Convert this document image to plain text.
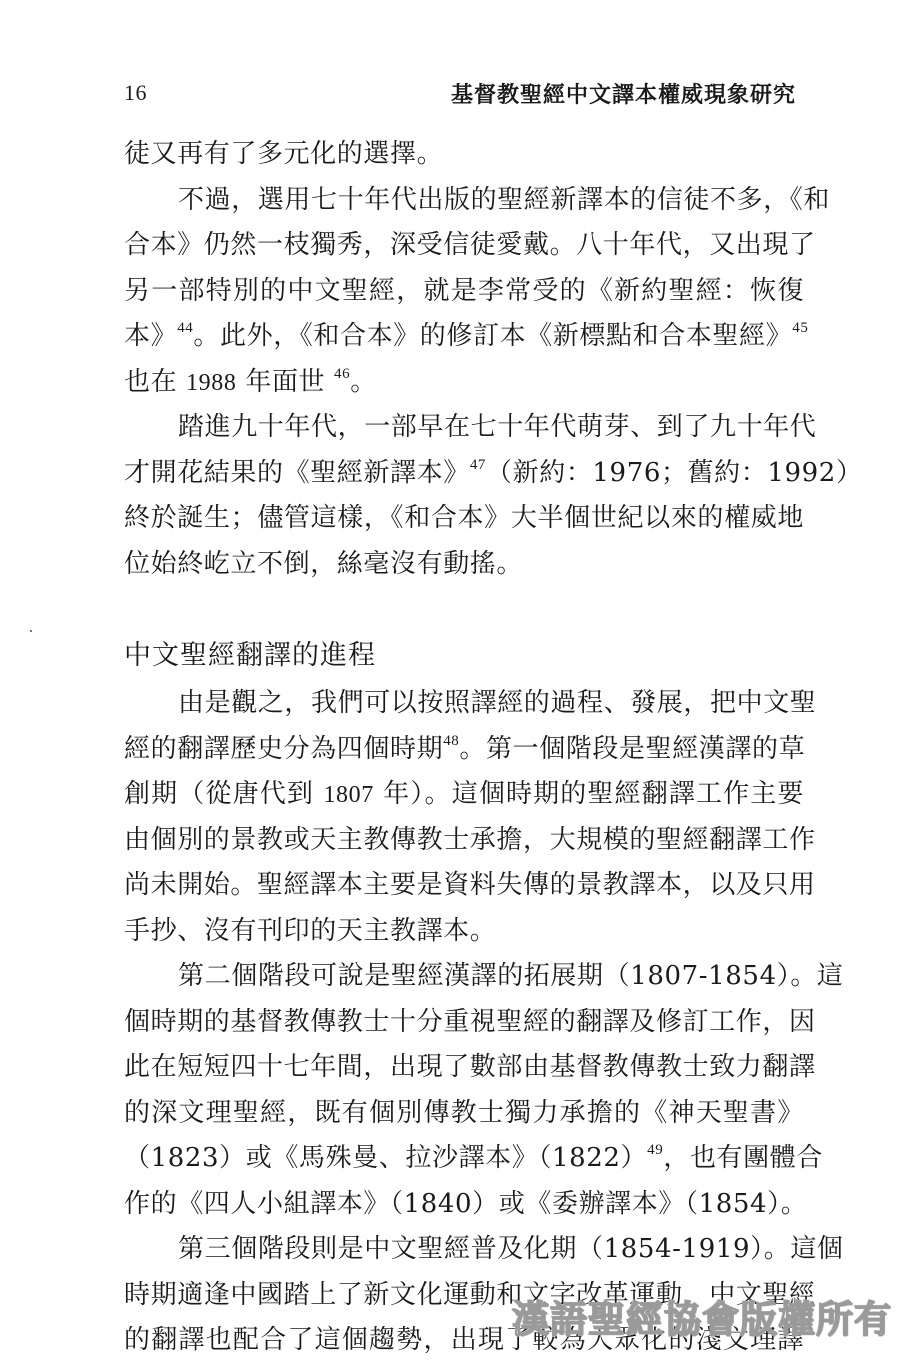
16	基督教聖經中文譯本權威現象研究
徒又再有了多元化的選擇。
不過，選用七十年代出版的聖經新譯本的信徒不多，《和
合本》仍然一枝獨秀，深受信徒愛戴。八十年代，又出現了
另一部特別的中文聖經，就是李常受的《新約聖經：恢復
本》$^{44}$。此外，《和合本》的修訂本《新標點和合本聖經》$^{45}$
也在 1988 年面世 $^{46}$。
踏進九十年代，一部早在七十年代萌芽、到了九十年代
才開花結果的《聖經新譯本》$^{47}$（新約：1976；舊約：1992）
終於誕生；儘管這樣，《和合本》大半個世紀以來的權威地
位始終屹立不倒，絲毫沒有動搖。
中文聖經翻譯的進程
由是觀之，我們可以按照譯經的過程、發展，把中文聖
經的翻譯歷史分為四個時期$^{48}$。第一個階段是聖經漢譯的草
創期（從唐代到 1807 年）。這個時期的聖經翻譯工作主要
由個別的景教或天主教傳教士承擔，大規模的聖經翻譯工作
尚未開始。聖經譯本主要是資料失傳的景教譯本，以及只用
手抄、沒有刊印的天主教譯本。
第二個階段可說是聖經漢譯的拓展期（1807-1854）。這
個時期的基督教傳教士十分重視聖經的翻譯及修訂工作，因
此在短短四十七年間，出現了數部由基督教傳教士致力翻譯
的深文理聖經，既有個別傳教士獨力承擔的《神天聖書》
（1823）或《馬殊曼、拉沙譯本》$(1822)^{49}$，也有團體合
作的《四人小組譯本》（1840）或《委辦譯本》（1854）。
第三個階段則是中文聖經普及化期（1854-1919）。這個
時期適逢中國踏上了新文化運動和文字改革運動，中文聖經
的翻譯也配合了這個趨勢，出現了較為大眾化的淺文理譯
漢語聖經協會版權所有
